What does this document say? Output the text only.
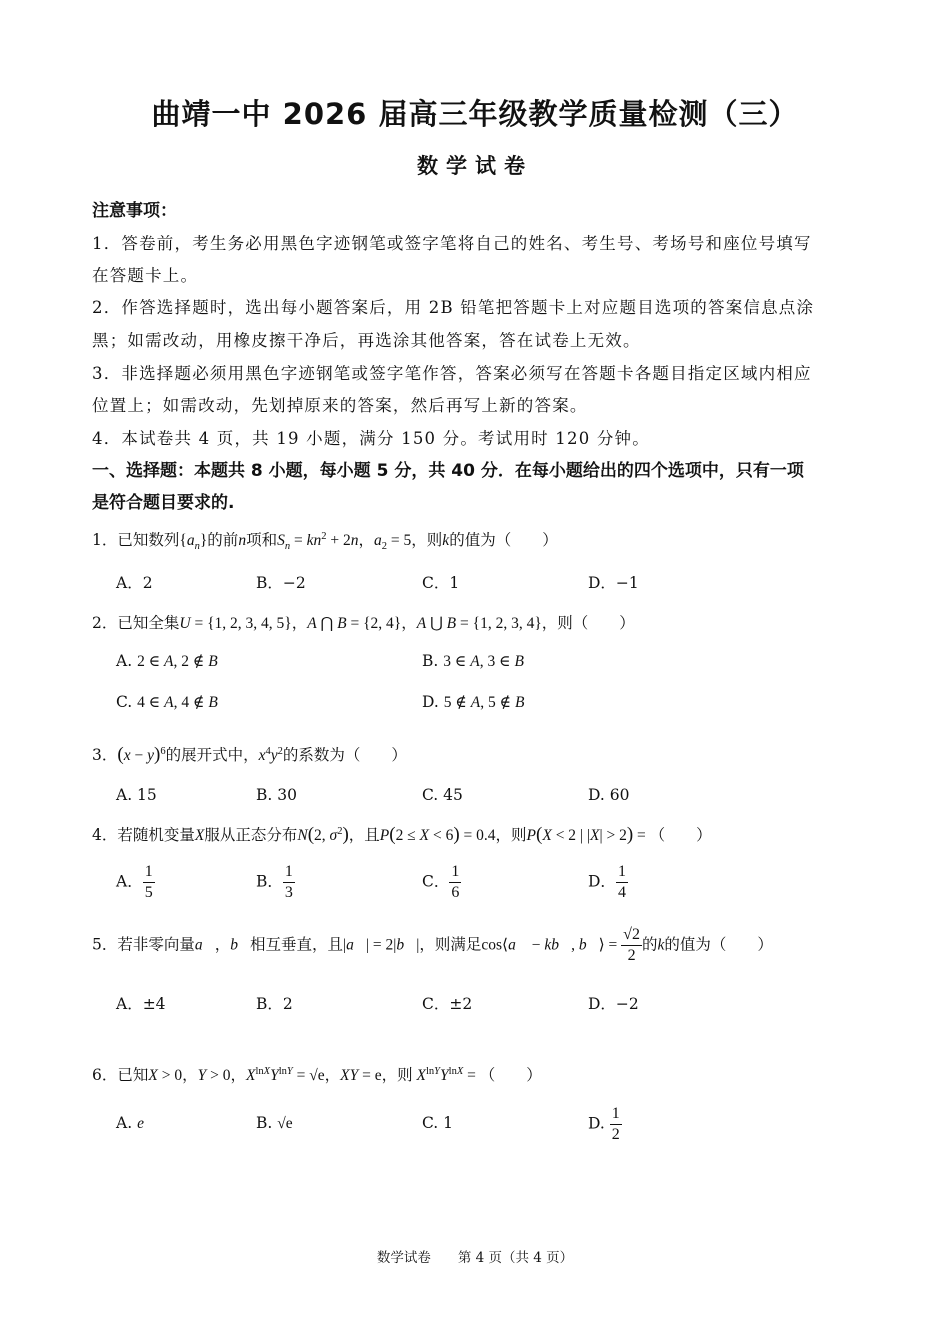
曲靖一中 2026 届高三年级教学质量检测（三）
数学试卷
注意事项：
1．答卷前，考生务必用黑色字迹钢笔或签字笔将自己的姓名、考生号、考场号和座位号填写
在答题卡上。
2．作答选择题时，选出每小题答案后，用 2B 铅笔把答题卡上对应题目选项的答案信息点涂
黑；如需改动，用橡皮擦干净后，再选涂其他答案，答在试卷上无效。
3．非选择题必须用黑色字迹钢笔或签字笔作答，答案必须写在答题卡各题目指定区域内相应
位置上；如需改动，先划掉原来的答案，然后再写上新的答案。
4．本试卷共 4 页，共 19 小题，满分 150 分。考试用时 120 分钟。
一、选择题：本题共 8 小题，每小题 5 分，共 40 分．在每小题给出的四个选项中，只有一项
是符合题目要求的.
1．已知数列$\{a_n\}$的前n项和$S_n = kn^2 + 2n$，$a_2 = 5$，则k的值为（　　）
A．2	B．−2	C．1	D．−1
2．已知全集U = {1, 2, 3, 4, 5}，A ⋂ B = {2, 4}，A ⋃ B = {1, 2, 3, 4}，则（　　）
A. 2 ∈ A, 2 ∉ B	B. 3 ∈ A, 3 ∈ B
C. 4 ∈ A, 4 ∉ B	D. 5 ∉ A, 5 ∉ B
3．$(x - y)^6$的展开式中，$x^4y^2$的系数为（　　）
A. 15	B. 30	C. 45	D. 60
4．若随机变量X服从正态分布N(2, $\sigma^2$)，且P(2 ≤ X < 6) = 0.4，则P(X < 2 | |X| > 2) = （　　）
A． $\frac{1}{5}$	B． $\frac{1}{3}$	C． $\frac{1}{6}$	D． $\frac{1}{4}$
5．若非零向量a⃗，b⃗相互垂直，且|a⃗| = 2|b⃗|，则满足cos⟨a⃗ − kb⃗, b⃗⟩ = $\frac{√2}{2}$ 的k的值为（　　）
A．±4	B．2	C．±2	D．−2
6．已知X > 0，Y > 0，$X^{lnX}Y^{lnY} = √e$，XY = e，则 $X^{lnY}Y^{lnX}$ = （　　）
A. e	B. √e	C. 1	D. $\frac{1}{2}$
数学试卷　　第 4 页（共 4 页）
